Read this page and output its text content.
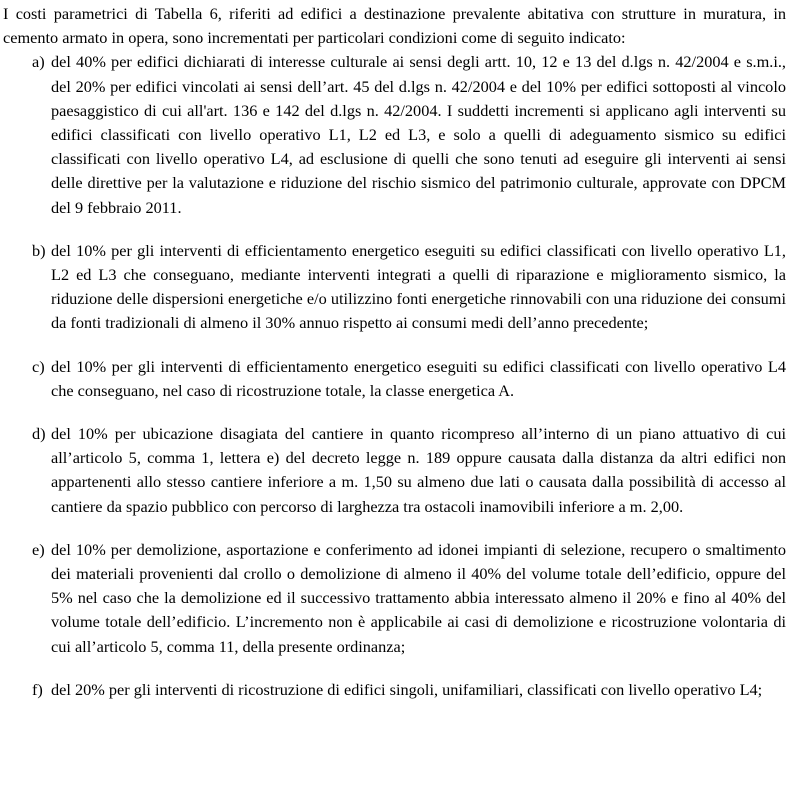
I costi parametrici di Tabella 6, riferiti ad edifici a destinazione prevalente abitativa con strutture in muratura, in cemento armato in opera, sono incrementati per particolari condizioni come di seguito indicato:

a) del 40% per edifici dichiarati di interesse culturale ai sensi degli artt. 10, 12 e 13 del d.lgs n. 42/2004 e s.m.i., del 20% per edifici vincolati ai sensi dell’art. 45 del d.lgs n. 42/2004 e del 10% per edifici sottoposti al vincolo paesaggistico di cui all'art. 136 e 142 del d.lgs n. 42/2004. I suddetti incrementi si applicano agli interventi su edifici classificati con livello operativo L1, L2 ed L3, e solo a quelli di adeguamento sismico su edifici classificati con livello operativo L4, ad esclusione di quelli che sono tenuti ad eseguire gli interventi ai sensi delle direttive per la valutazione e riduzione del rischio sismico del patrimonio culturale, approvate con DPCM del 9 febbraio 2011.
b) del 10% per gli interventi di efficientamento energetico eseguiti su edifici classificati con livello operativo L1, L2 ed L3 che conseguano, mediante interventi integrati a quelli di riparazione e miglioramento sismico, la riduzione delle dispersioni energetiche e/o utilizzino fonti energetiche rinnovabili con una riduzione dei consumi da fonti tradizionali di almeno il 30% annuo rispetto ai consumi medi dell’anno precedente;
c) del 10% per gli interventi di efficientamento energetico eseguiti su edifici classificati con livello operativo L4 che conseguano, nel caso di ricostruzione totale, la classe energetica A.
d) del 10% per ubicazione disagiata del cantiere in quanto ricompreso all’interno di un piano attuativo di cui all’articolo 5, comma 1, lettera e) del decreto legge n. 189 oppure causata dalla distanza da altri edifici non appartenenti allo stesso cantiere inferiore a m. 1,50 su almeno due lati o causata dalla possibilità di accesso al cantiere da spazio pubblico con percorso di larghezza tra ostacoli inamovibili inferiore a m. 2,00.
e) del 10% per demolizione, asportazione e conferimento ad idonei impianti di selezione, recupero o smaltimento dei materiali provenienti dal crollo o demolizione di almeno il 40% del volume totale dell’edificio, oppure del 5% nel caso che la demolizione ed il successivo trattamento abbia interessato almeno il 20% e fino al 40% del volume totale dell’edificio. L’incremento non è applicabile ai casi di demolizione e ricostruzione volontaria di cui all’articolo 5, comma 11, della presente ordinanza;
f) del 20% per gli interventi di ricostruzione di edifici singoli, unifamiliari, classificati con livello operativo L4;
